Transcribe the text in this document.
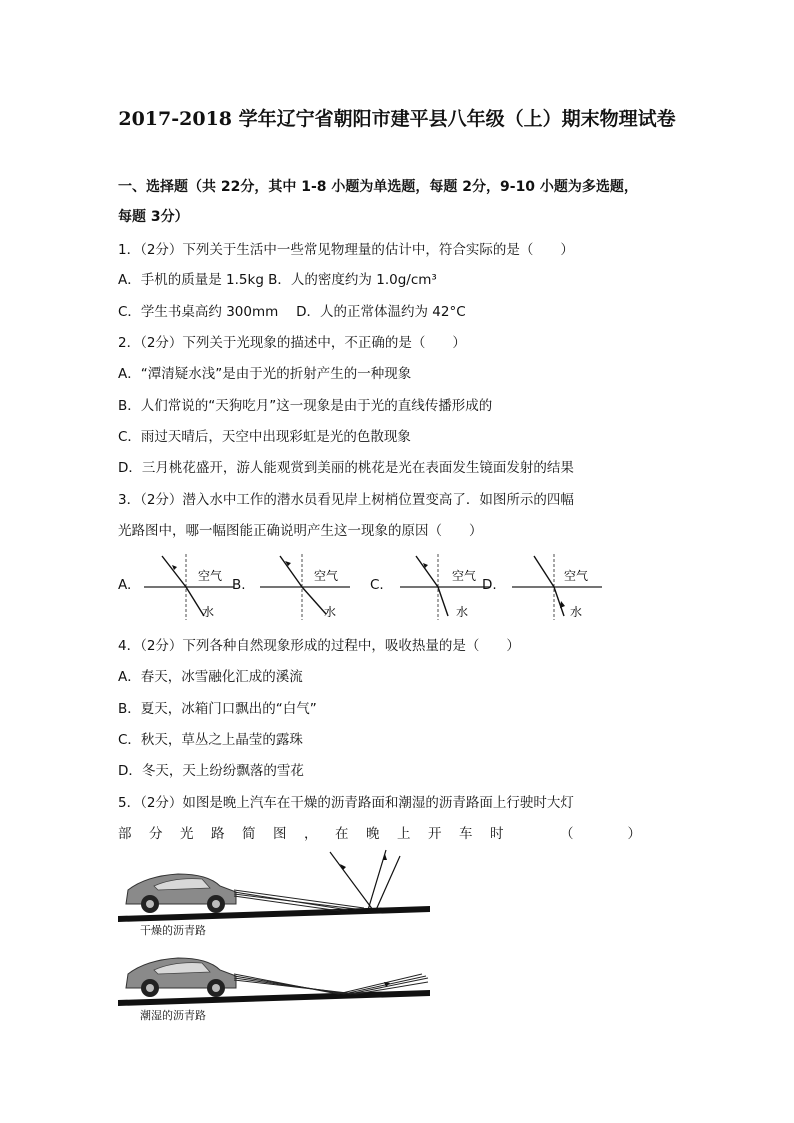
2017-2018 学年辽宁省朝阳市建平县八年级（上）期末物理试卷
一、选择题（共 22分，其中 1-8 小题为单选题，每题 2分，9-10 小题为多选题，
每题 3分）
1．（2分）下列关于生活中一些常见物理量的估计中，符合实际的是（　　）
A．手机的质量是 1.5kg B．人的密度约为 1.0g/cm³
C．学生书桌高约 300mm　 D．人的正常体温约为 42°C
2．（2分）下列关于光现象的描述中，不正确的是（　　）
A．“潭清疑水浅”是由于光的折射产生的一种现象
B．人们常说的“天狗吃月”这一现象是由于光的直线传播形成的
C．雨过天晴后，天空中出现彩虹是光的色散现象
D．三月桃花盛开，游人能观赏到美丽的桃花是光在表面发生镜面发射的结果
3．（2分）潜入水中工作的潜水员看见岸上树梢位置变高了．如图所示的四幅
光路图中，哪一幅图能正确说明产生这一现象的原因（　　）
A.
空气
水
B.
空气
水
C.
空气
水
D.
空气
水
4．（2分）下列各种自然现象形成的过程中，吸收热量的是（　　）
A．春天，冰雪融化汇成的溪流
B．夏天，冰箱门口飘出的“白气”
C．秋天，草丛之上晶莹的露珠
D．冬天，天上纷纷飘落的雪花
5．（2分）如图是晚上汽车在干燥的沥青路面和潮湿的沥青路面上行驶时大灯
部分光路简图，在晚上开车时	（　　　　）
干燥的沥青路
潮湿的沥青路
